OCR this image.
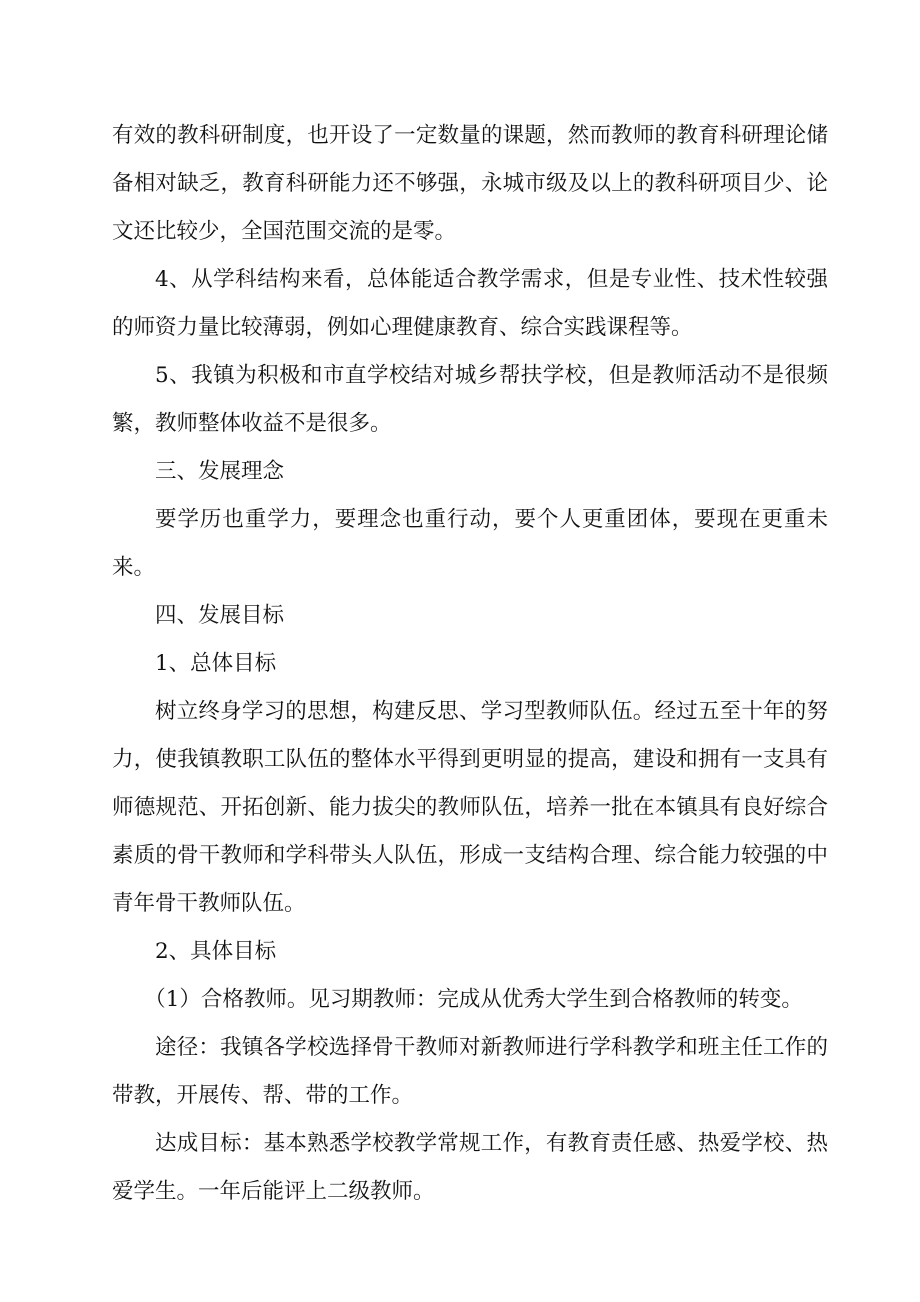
有效的教科研制度，也开设了一定数量的课题，然而教师的教育科研理论储备相对缺乏，教育科研能力还不够强，永城市级及以上的教科研项目少、论文还比较少，全国范围交流的是零。

4、从学科结构来看，总体能适合教学需求，但是专业性、技术性较强的师资力量比较薄弱，例如心理健康教育、综合实践课程等。

5、我镇为积极和市直学校结对城乡帮扶学校，但是教师活动不是很频繁，教师整体收益不是很多。

三、发展理念

要学历也重学力，要理念也重行动，要个人更重团体，要现在更重未来。

四、发展目标

1、总体目标

树立终身学习的思想，构建反思、学习型教师队伍。经过五至十年的努力，使我镇教职工队伍的整体水平得到更明显的提高，建设和拥有一支具有师德规范、开拓创新、能力拔尖的教师队伍，培养一批在本镇具有良好综合素质的骨干教师和学科带头人队伍，形成一支结构合理、综合能力较强的中青年骨干教师队伍。

2、具体目标

（1）合格教师。见习期教师：完成从优秀大学生到合格教师的转变。

途径：我镇各学校选择骨干教师对新教师进行学科教学和班主任工作的带教，开展传、帮、带的工作。

达成目标：基本熟悉学校教学常规工作，有教育责任感、热爱学校、热爱学生。一年后能评上二级教师。
